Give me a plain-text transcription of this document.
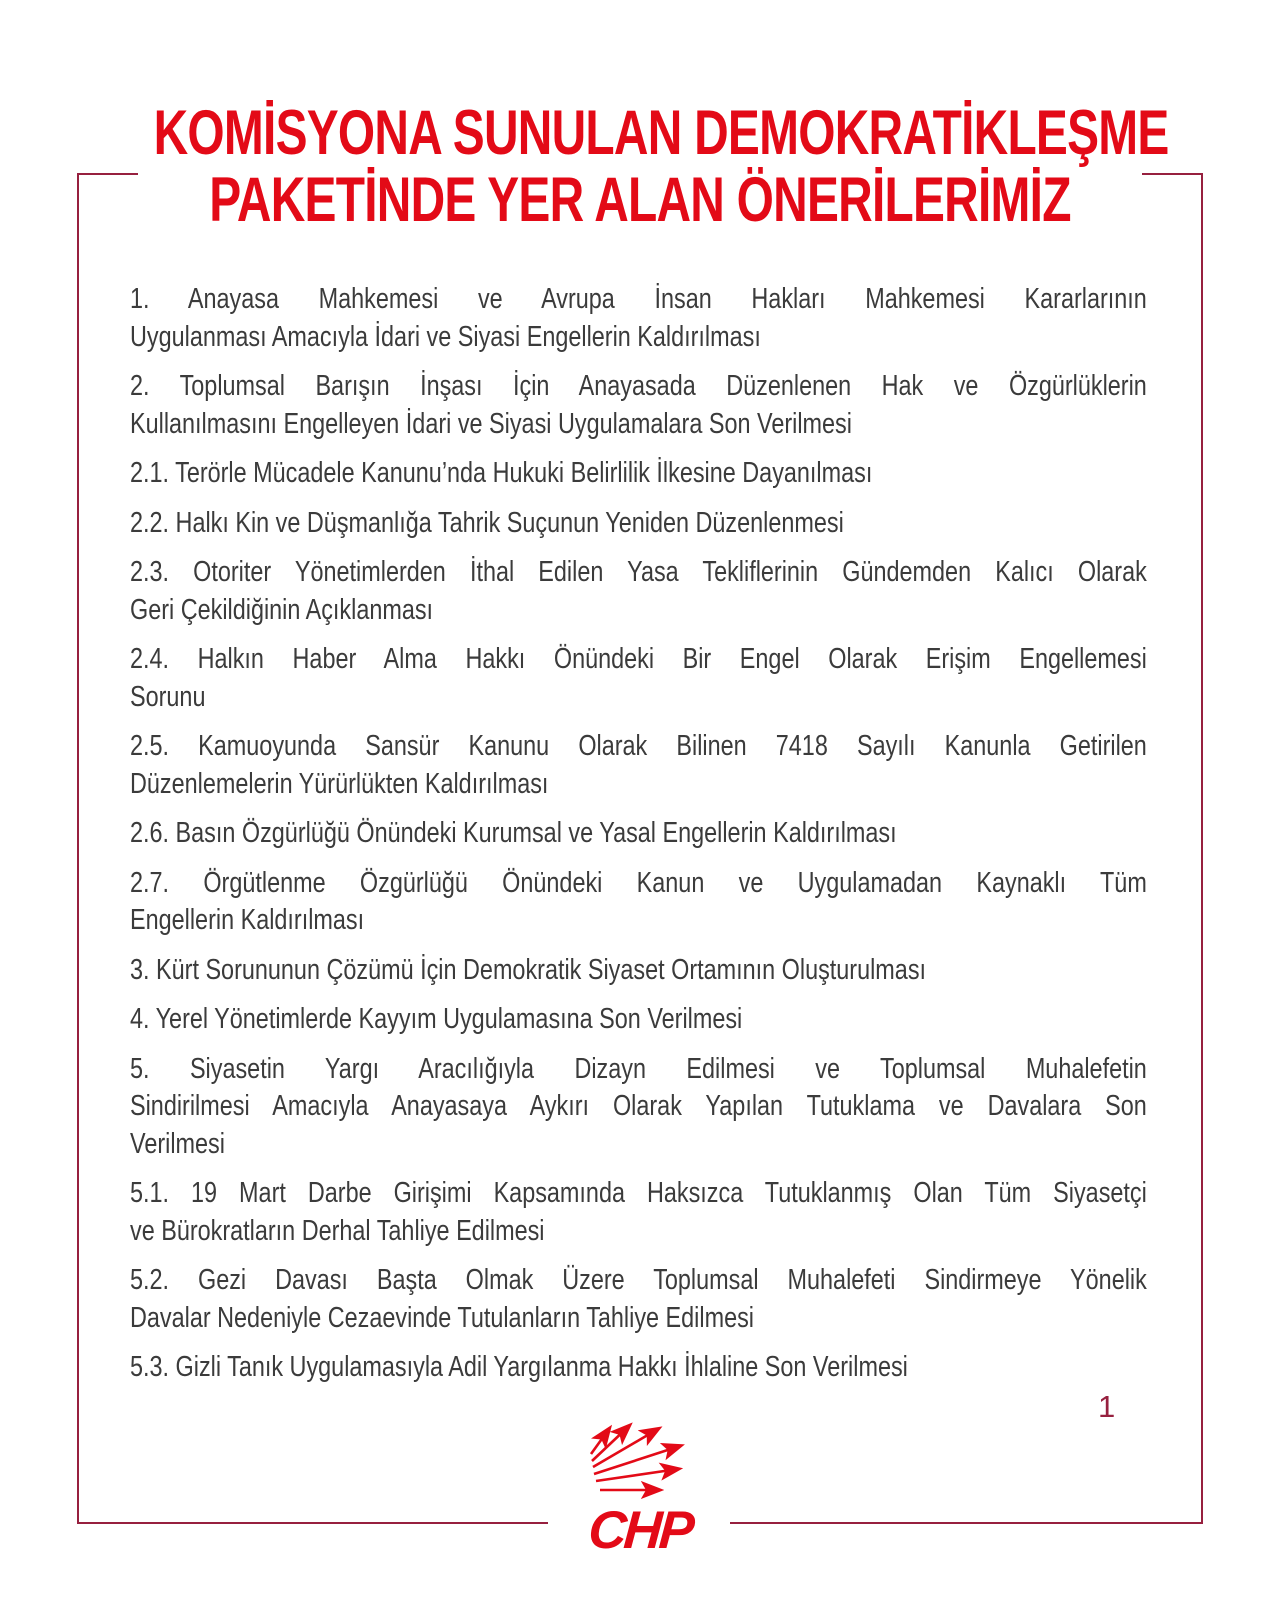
KOMİSYONA SUNULAN DEMOKRATİKLEŞME
PAKETİNDE YER ALAN ÖNERİLERİMİZ
1. Anayasa Mahkemesi ve Avrupa İnsan Hakları Mahkemesi Kararlarının
Uygulanması Amacıyla İdari ve Siyasi Engellerin Kaldırılması
2. Toplumsal Barışın İnşası İçin Anayasada Düzenlenen Hak ve Özgürlüklerin
Kullanılmasını Engelleyen İdari ve Siyasi Uygulamalara Son Verilmesi
2.1. Terörle Mücadele Kanunu’nda Hukuki Belirlilik İlkesine Dayanılması
2.2. Halkı Kin ve Düşmanlığa Tahrik Suçunun Yeniden Düzenlenmesi
2.3. Otoriter Yönetimlerden İthal Edilen Yasa Tekliflerinin Gündemden Kalıcı Olarak
Geri Çekildiğinin Açıklanması
2.4. Halkın Haber Alma Hakkı Önündeki Bir Engel Olarak Erişim Engellemesi
Sorunu
2.5. Kamuoyunda Sansür Kanunu Olarak Bilinen 7418 Sayılı Kanunla Getirilen
Düzenlemelerin Yürürlükten Kaldırılması
2.6. Basın Özgürlüğü Önündeki Kurumsal ve Yasal Engellerin Kaldırılması
2.7. Örgütlenme Özgürlüğü Önündeki Kanun ve Uygulamadan Kaynaklı Tüm
Engellerin Kaldırılması
3. Kürt Sorununun Çözümü İçin Demokratik Siyaset Ortamının Oluşturulması
4. Yerel Yönetimlerde Kayyım Uygulamasına Son Verilmesi
5. Siyasetin Yargı Aracılığıyla Dizayn Edilmesi ve Toplumsal Muhalefetin
Sindirilmesi Amacıyla Anayasaya Aykırı Olarak Yapılan Tutuklama ve Davalara Son
Verilmesi
5.1. 19 Mart Darbe Girişimi Kapsamında Haksızca Tutuklanmış Olan Tüm Siyasetçi
ve Bürokratların Derhal Tahliye Edilmesi
5.2. Gezi Davası Başta Olmak Üzere Toplumsal Muhalefeti Sindirmeye Yönelik
Davalar Nedeniyle Cezaevinde Tutulanların Tahliye Edilmesi
5.3. Gizli Tanık Uygulamasıyla Adil Yargılanma Hakkı İhlaline Son Verilmesi
1
CHP
